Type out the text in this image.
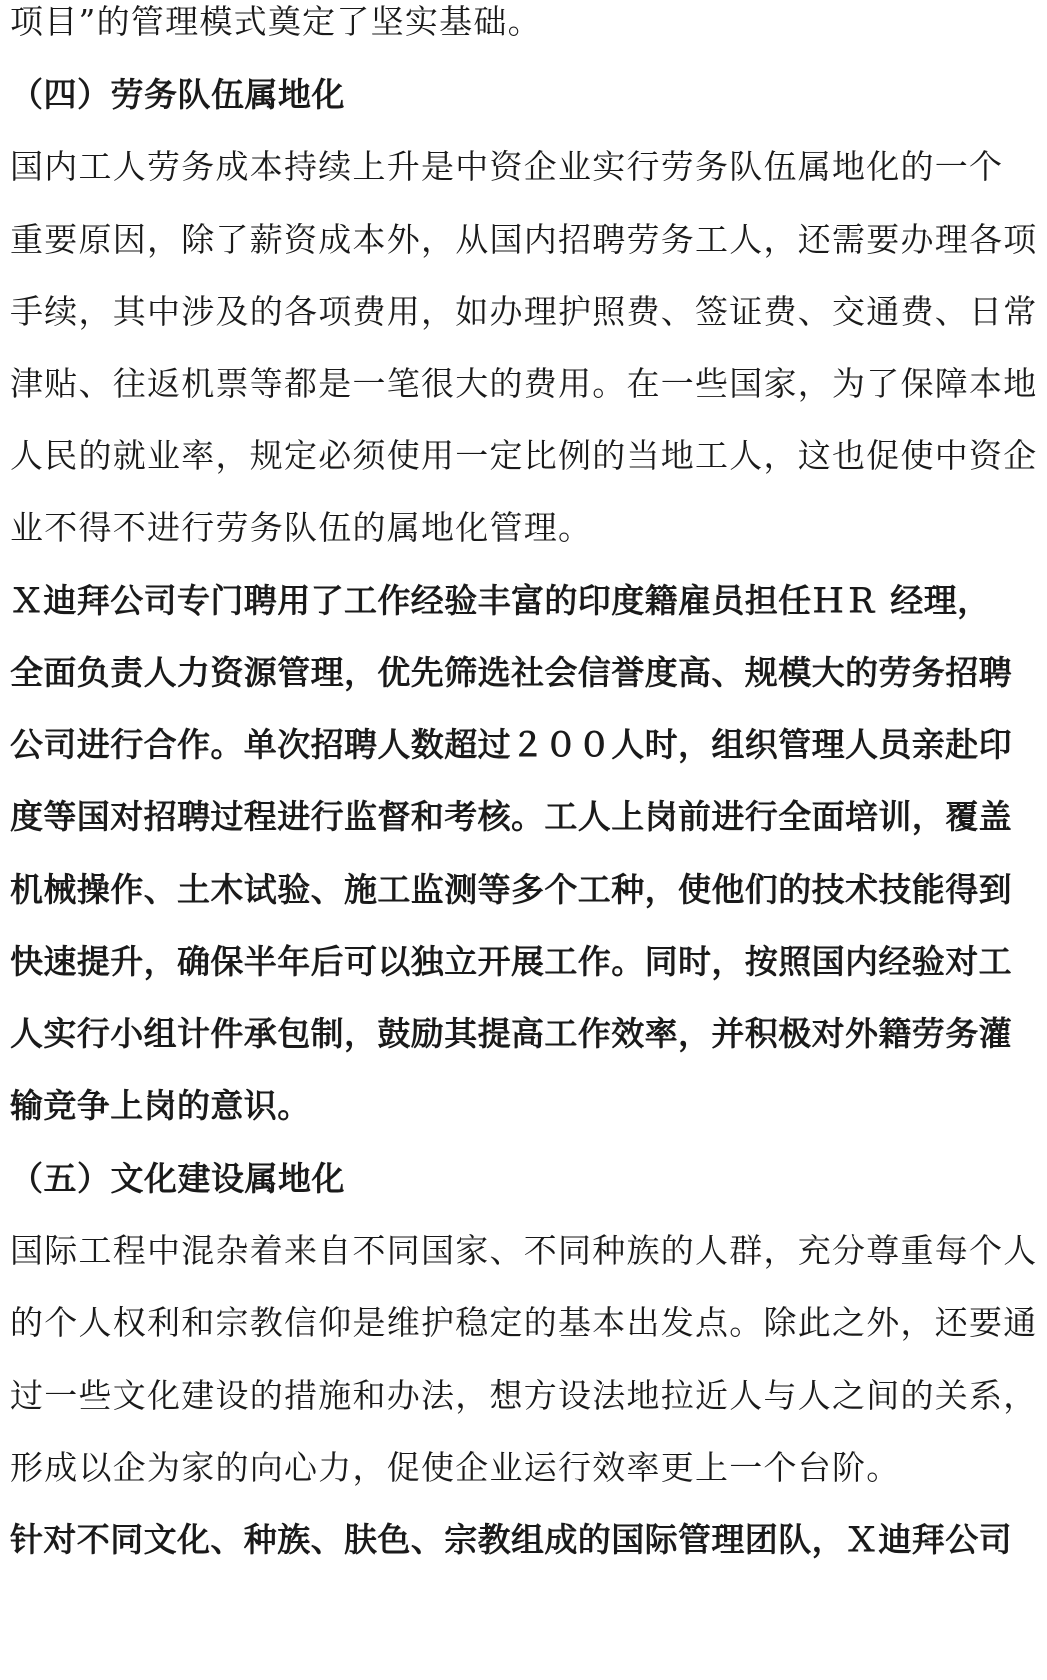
项目”的管理模式奠定了坚实基础。
（四）劳务队伍属地化
国内工人劳务成本持续上升是中资企业实行劳务队伍属地化的一个
重要原因，除了薪资成本外，从国内招聘劳务工人，还需要办理各项
手续，其中涉及的各项费用，如办理护照费、签证费、交通费、日常
津贴、往返机票等都是一笔很大的费用。在一些国家，为了保障本地
人民的就业率，规定必须使用一定比例的当地工人，这也促使中资企
业不得不进行劳务队伍的属地化管理。
Ｘ迪拜公司专门聘用了工作经验丰富的印度籍雇员担任ＨＲ 经理，
全面负责人力资源管理，优先筛选社会信誉度高、规模大的劳务招聘
公司进行合作。单次招聘人数超过２００人时，组织管理人员亲赴印
度等国对招聘过程进行监督和考核。工人上岗前进行全面培训，覆盖
机械操作、土木试验、施工监测等多个工种，使他们的技术技能得到
快速提升，确保半年后可以独立开展工作。同时，按照国内经验对工
人实行小组计件承包制，鼓励其提高工作效率，并积极对外籍劳务灌
输竞争上岗的意识。
（五）文化建设属地化
国际工程中混杂着来自不同国家、不同种族的人群，充分尊重每个人
的个人权利和宗教信仰是维护稳定的基本出发点。除此之外，还要通
过一些文化建设的措施和办法，想方设法地拉近人与人之间的关系，
形成以企为家的向心力，促使企业运行效率更上一个台阶。
针对不同文化、种族、肤色、宗教组成的国际管理团队，Ｘ迪拜公司
